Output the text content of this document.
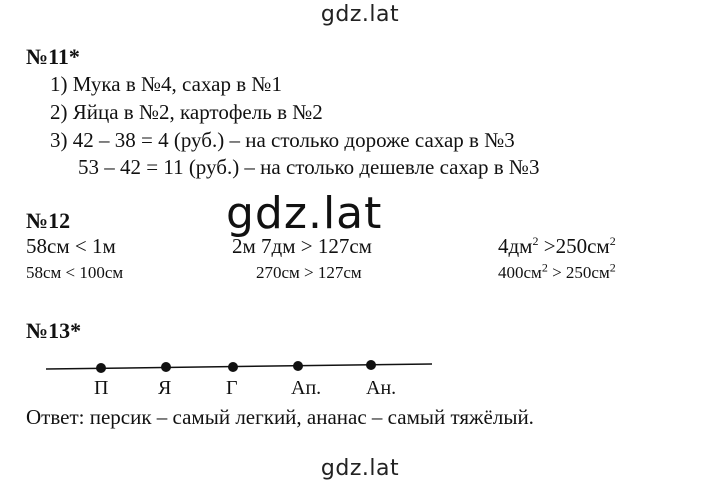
gdz.lat
№11*
1) Мука в №4, сахар в №1
2) Яйца в №2, картофель в №2
3) 42 – 38 = 4 (руб.) – на столько дороже сахар в №3
53 – 42 = 11 (руб.) – на столько дешевле сахар в №3
№12	gdz.lat
58см < 1м	2м 7дм > 127см	$4дм^2 >250см^2$
58см < 100см	270см > 127см	$400см^2 > 250см^2$
№13*
П Я	Г	Ап. Ан.
Ответ: персик – самый легкий, ананас – самый тяжёлый.
gdz.lat
